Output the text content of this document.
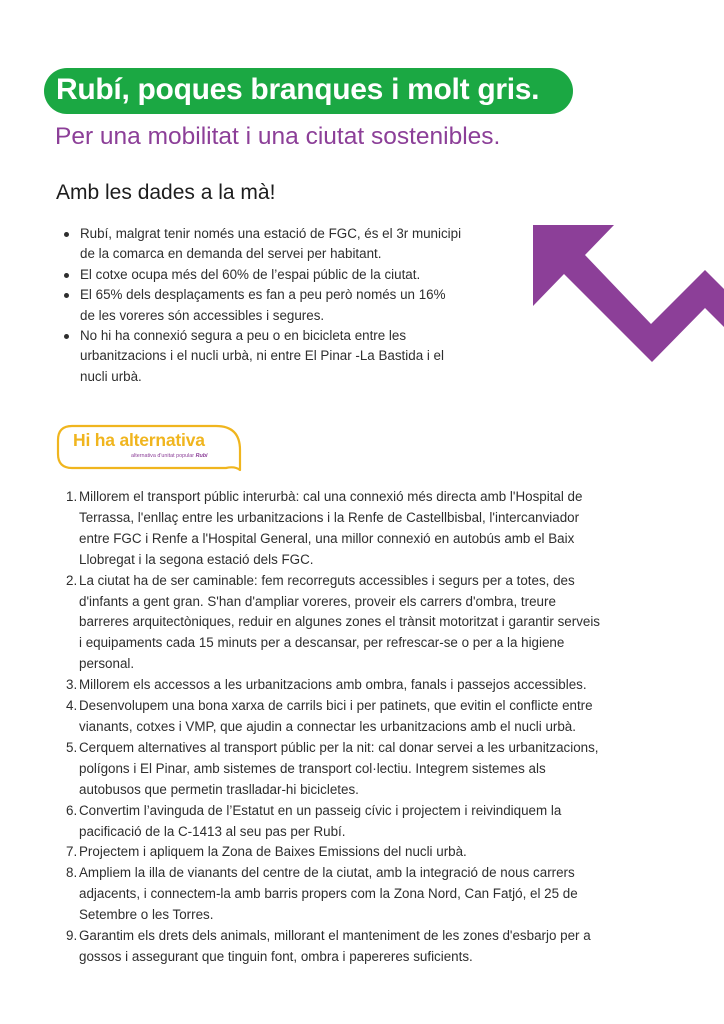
Rubí, poques branques i molt gris.
Per una mobilitat i una ciutat sostenibles.
Amb les dades a la mà!
Rubí, malgrat tenir només una estació de FGC, és el 3r municipi
de la comarca en demanda del servei per habitant.
El cotxe ocupa més del 60% de l’espai públic de la ciutat.
El 65% dels desplaçaments es fan a peu però només un 16%
de les voreres són accessibles i segures.
No hi ha connexió segura a peu o en bicicleta entre les
urbanitzacions i el nucli urbà, ni entre El Pinar -La Bastida i el
nucli urbà.
Hi ha alternativa
alternativa d'unitat popular Rubí
1. Millorem el transport públic interurbà: cal una connexió més directa amb l'Hospital de
Terrassa, l'enllaç entre les urbanitzacions i la Renfe de Castellbisbal, l'intercanviador
entre FGC i Renfe a l'Hospital General, una millor connexió en autobús amb el Baix
Llobregat i la segona estació dels FGC.
2. La ciutat ha de ser caminable: fem recorreguts accessibles i segurs per a totes, des
d'infants a gent gran. S'han d'ampliar voreres, proveir els carrers d'ombra, treure
barreres arquitectòniques, reduir en algunes zones el trànsit motoritzat i garantir serveis
i equipaments cada 15 minuts per a descansar, per refrescar-se o per a la higiene
personal.
3. Millorem els accessos a les urbanitzacions amb ombra, fanals i passejos accessibles.
4. Desenvolupem una bona xarxa de carrils bici i per patinets, que evitin el conflicte entre
vianants, cotxes i VMP, que ajudin a connectar les urbanitzacions amb el nucli urbà.
5. Cerquem alternatives al transport públic per la nit: cal donar servei a les urbanitzacions,
polígons i El Pinar, amb sistemes de transport col·lectiu. Integrem sistemes als
autobusos que permetin traslladar-hi bicicletes.
6. Convertim l’avinguda de l’Estatut en un passeig cívic i projectem i reivindiquem la
pacificació de la C-1413 al seu pas per Rubí.
7. Projectem i apliquem la Zona de Baixes Emissions del nucli urbà.
8. Ampliem la illa de vianants del centre de la ciutat, amb la integració de nous carrers
adjacents, i connectem-la amb barris propers com la Zona Nord, Can Fatjó, el 25 de
Setembre o les Torres.
9. Garantim els drets dels animals, millorant el manteniment de les zones d'esbarjo per a
gossos i assegurant que tinguin font, ombra i papereres suficients.
